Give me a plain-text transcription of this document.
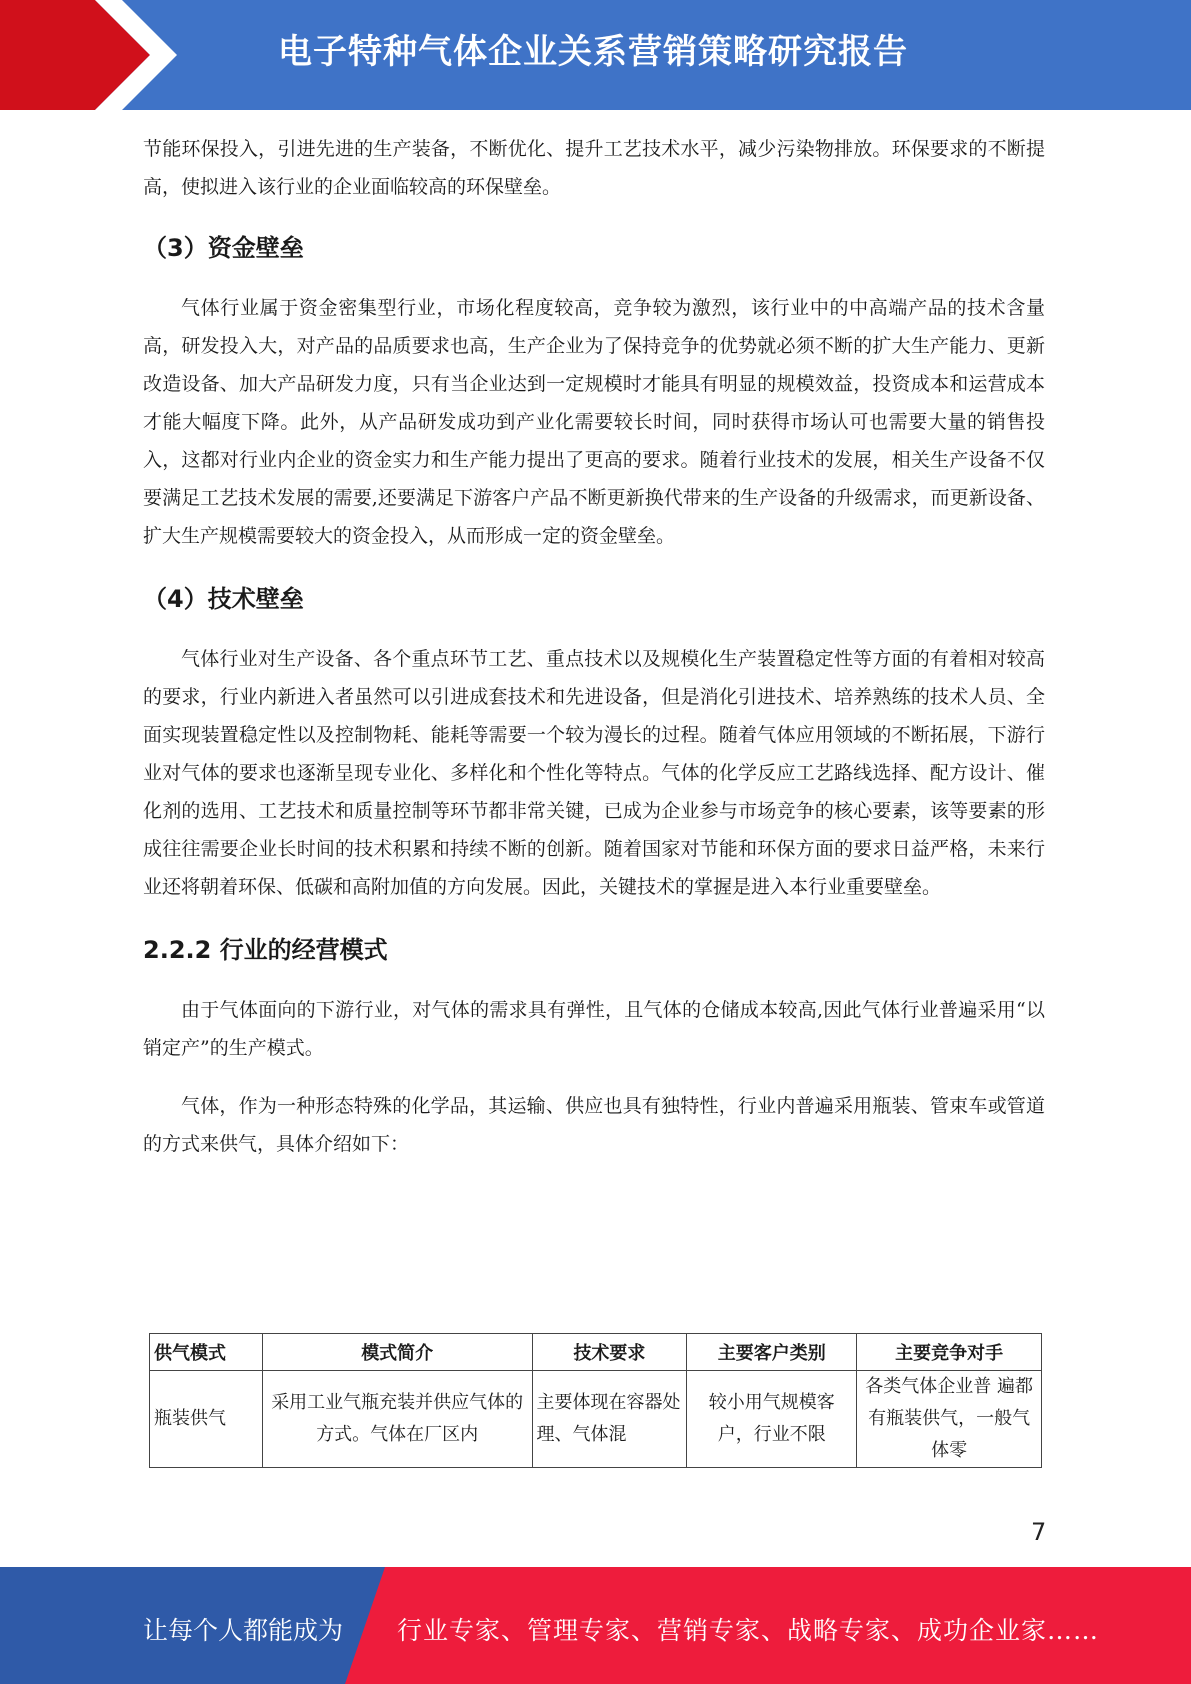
电子特种气体企业关系营销策略研究报告

节能环保投入，引进先进的生产装备，不断优化、提升工艺技术水平，减少污染物排放。环保要求的不断提高，使拟进入该行业的企业面临较高的环保壁垒。

（3）资金壁垒

气体行业属于资金密集型行业，市场化程度较高，竞争较为激烈，该行业中的中高端产品的技术含量高，研发投入大，对产品的品质要求也高，生产企业为了保持竞争的优势就必须不断的扩大生产能力、更新改造设备、加大产品研发力度，只有当企业达到一定规模时才能具有明显的规模效益，投资成本和运营成本才能大幅度下降。此外，从产品研发成功到产业化需要较长时间，同时获得市场认可也需要大量的销售投入，这都对行业内企业的资金实力和生产能力提出了更高的要求。随着行业技术的发展，相关生产设备不仅要满足工艺技术发展的需要,还要满足下游客户产品不断更新换代带来的生产设备的升级需求，而更新设备、扩大生产规模需要较大的资金投入，从而形成一定的资金壁垒。

（4）技术壁垒

气体行业对生产设备、各个重点环节工艺、重点技术以及规模化生产装置稳定性等方面的有着相对较高的要求，行业内新进入者虽然可以引进成套技术和先进设备，但是消化引进技术、培养熟练的技术人员、全面实现装置稳定性以及控制物耗、能耗等需要一个较为漫长的过程。随着气体应用领域的不断拓展，下游行业对气体的要求也逐渐呈现专业化、多样化和个性化等特点。气体的化学反应工艺路线选择、配方设计、催化剂的选用、工艺技术和质量控制等环节都非常关键，已成为企业参与市场竞争的核心要素，该等要素的形成往往需要企业长时间的技术积累和持续不断的创新。随着国家对节能和环保方面的要求日益严格，未来行业还将朝着环保、低碳和高附加值的方向发展。因此，关键技术的掌握是进入本行业重要壁垒。

2.2.2 行业的经营模式

由于气体面向的下游行业，对气体的需求具有弹性，且气体的仓储成本较高,因此气体行业普遍采用“以销定产”的生产模式。

气体，作为一种形态特殊的化学品，其运输、供应也具有独特性，行业内普遍采用瓶装、管束车或管道的方式来供气，具体介绍如下：

供气模式	模式简介	技术要求	主要客户类别	主要竞争对手
瓶装供气	采用工业气瓶充装并供应气体的方式。气体在厂区内	主要体现在容器处理、气体混	较小用气规模客户，行业不限	各类气体企业普 遍都有瓶装供气，一般气体零
7
让每个人都能成为 行业专家、管理专家、营销专家、战略专家、成功企业家……
